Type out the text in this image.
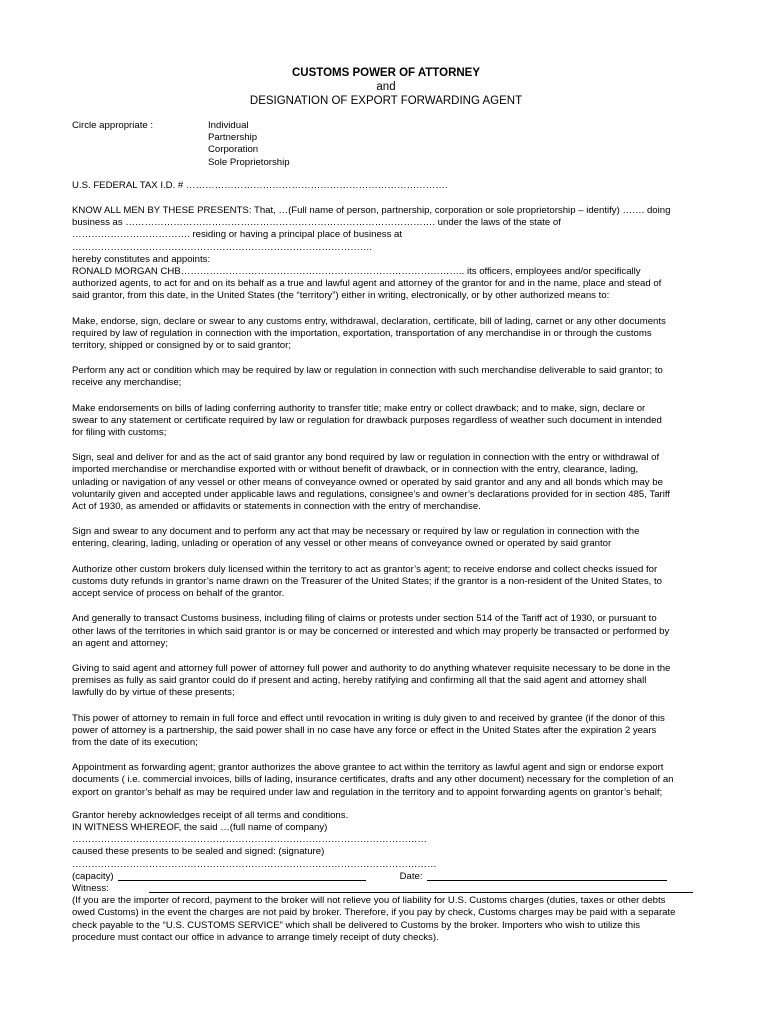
CUSTOMS POWER OF ATTORNEY
and
DESIGNATION OF EXPORT FORWARDING AGENT
Circle appropriate :	Individual
Partnership
Corporation
Sole Proprietorship

U.S. FEDERAL TAX I.D. # ……………………………………………………………………….

KNOW ALL MEN BY THESE PRESENTS: That, …(Full name of person, partnership, corporation or sole proprietorship – identify) ……. doing
business as ……………………………………………………………………………………. under the laws of the state of
………………………………. residing or having a principal place of business at
………………………………………………………………………………….
hereby constitutes and appoints:
RONALD MORGAN CHB…………………………………………………………………………….. its officers, employees and/or specifically
authorized agents, to act for and on its behalf as a true and lawful agent and attorney of the grantor for and in the name, place and stead of
said grantor, from this date, in the United States (the “territory”) either in writing, electronically, or by other authorized means to:
Make, endorse, sign, declare or swear to any customs entry, withdrawal, declaration, certificate, bill of lading, carnet or any other documents
required by law of regulation in connection with the importation, exportation, transportation of any merchandise in or through the customs
territory, shipped or consigned by or to said grantor;
Perform any act or condition which may be required by law or regulation in connection with such merchandise deliverable to said grantor; to
receive any merchandise;
Make endorsements on bills of lading conferring authority to transfer title; make entry or collect drawback; and to make, sign, declare or
swear to any statement or certificate required by law or regulation for drawback purposes regardless of weather such document in intended
for filing with customs;
Sign, seal and deliver for and as the act of said grantor any bond required by law or regulation in connection with the entry or withdrawal of
imported merchandise or merchandise exported with or without benefit of drawback, or in connection with the entry, clearance, lading,
unlading or navigation of any vessel or other means of conveyance owned or operated by said grantor and any and all bonds which may be
voluntarily given and accepted under applicable laws and regulations, consignee’s and owner’s declarations provided for in section 485, Tariff
Act of 1930, as amended or affidavits or statements in connection with the entry of merchandise.
Sign and swear to any document and to perform any act that may be necessary or required by law or regulation in connection with the
entering, clearing, lading, unlading or operation of any vessel or other means of conveyance owned or operated by said grantor
Authorize other custom brokers duly licensed within the territory to act as grantor’s agent; to receive endorse and collect checks issued for
customs duty refunds in grantor’s name drawn on the Treasurer of the United States; if the grantor is a non-resident of the United States, to
accept service of process on behalf of the grantor.
And generally to transact Customs business, including filing of claims or protests under section 514 of the Tariff act of 1930, or pursuant to
other laws of the territories in which said grantor is or may be concerned or interested and which may properly be transacted or performed by
an agent and attorney;
Giving to said agent and attorney full power of attorney full power and authority to do anything whatever requisite necessary to be done in the
premises as fully as said grantor could do if present and acting, hereby ratifying and confirming all that the said agent and attorney shall
lawfully do by virtue of these presents;
This power of attorney to remain in full force and effect until revocation in writing is duly given to and received by grantee (if the donor of this
power of attorney is a partnership, the said power shall in no case have any force or effect in the United States after the expiration 2 years
from the date of its execution;
Appointment as forwarding agent; grantor authorizes the above grantee to act within the territory as lawful agent and sign or endorse export
documents ( i.e. commercial invoices, bills of lading, insurance certificates, drafts and any other document) necessary for the completion of an
export on grantor’s behalf as may be required under law and regulation in the territory and to appoint forwarding agents on grantor’s behalf;
Grantor hereby acknowledges receipt of all terms and conditions.
IN WITNESS WHEREOF, the said …(full name of company)
…………………………………………………………………………………………………
caused these presents to be sealed and signed: (signature)
……………………………………………………………………………………………………
(capacity)	Date:
Witness:
(If you are the importer of record, payment to the broker will not relieve you of liability for U.S. Customs charges (duties, taxes or other debts
owed Customs) in the event the charges are not paid by broker. Therefore, if you pay by check, Customs charges may be paid with a separate
check payable to the “U.S. CUSTOMS SERVICE” which shall be delivered to Customs by the broker. Importers who wish to utilize this
procedure must contact our office in advance to arrange timely receipt of duty checks).
